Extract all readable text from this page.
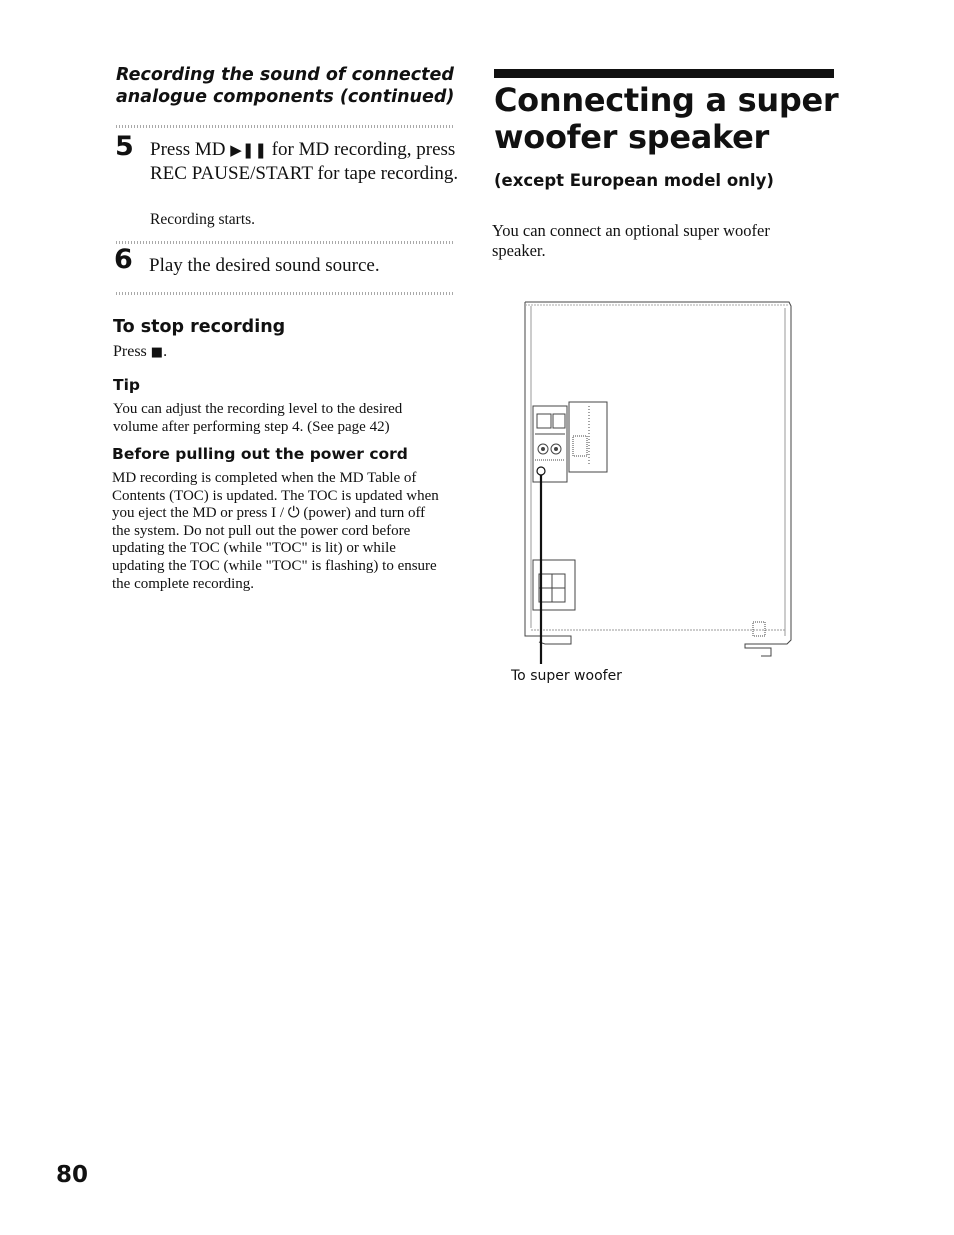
Recording the sound of connected analogue components (continued)
5 Press MD ▶❚❚ for MD recording, press REC PAUSE/START for tape recording.
Recording starts.
6 Play the desired sound source.
To stop recording
Press ■.
Tip
You can adjust the recording level to the desired volume after performing step 4. (See page 42)
Before pulling out the power cord
MD recording is completed when the MD Table of Contents (TOC) is updated. The TOC is updated when you eject the MD or press I / ⏻ (power) and turn off the system. Do not pull out the power cord before updating the TOC (while "TOC" is lit) or while updating the TOC (while "TOC" is flashing) to ensure the complete recording.
Connecting a super woofer speaker
(except European model only)
You can connect an optional super woofer speaker.
To super woofer
80
